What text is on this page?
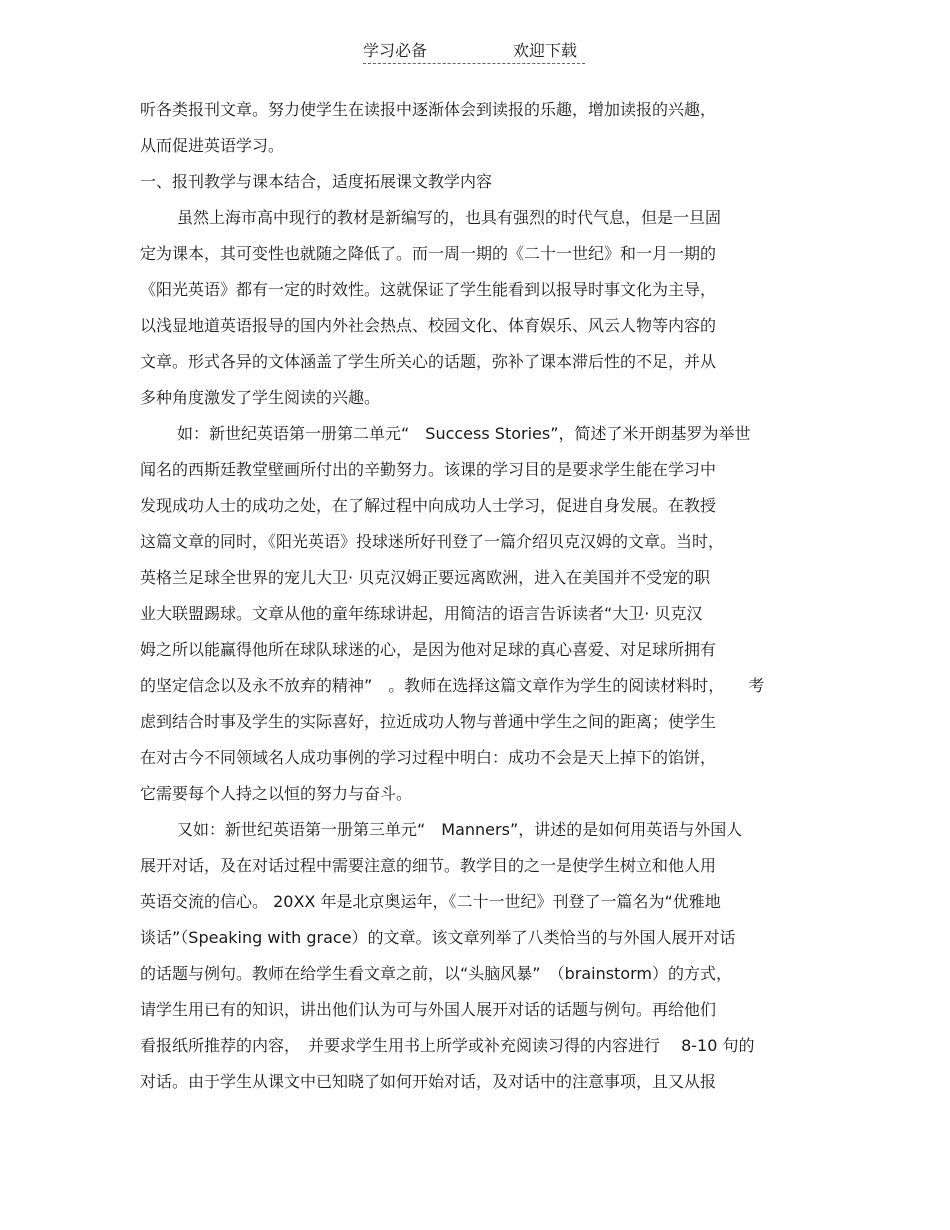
学习必备	欢迎下载
听各类报刊文章。努力使学生在读报中逐渐体会到读报的乐趣，增加读报的兴趣，
从而促进英语学习。
一、报刊教学与课本结合，适度拓展课文教学内容
虽然上海市高中现行的教材是新编写的，也具有强烈的时代气息，但是一旦固
定为课本，其可变性也就随之降低了。而一周一期的《二十一世纪》和一月一期的
《阳光英语》都有一定的时效性。这就保证了学生能看到以报导时事文化为主导，
以浅显地道英语报导的国内外社会热点、校园文化、体育娱乐、风云人物等内容的
文章。形式各异的文体涵盖了学生所关心的话题，弥补了课本滞后性的不足，并从
多种角度激发了学生阅读的兴趣。
如：新世纪英语第一册第二单元“　Success Stories”，简述了米开朗基罗为举世
闻名的西斯廷教堂壁画所付出的辛勤努力。该课的学习目的是要求学生能在学习中
发现成功人士的成功之处，在了解过程中向成功人士学习，促进自身发展。在教授
这篇文章的同时，《阳光英语》投球迷所好刊登了一篇介绍贝克汉姆的文章。当时，
英格兰足球全世界的宠儿大卫· 贝克汉姆正要远离欧洲，进入在美国并不受宠的职
业大联盟踢球。文章从他的童年练球讲起，用简洁的语言告诉读者“大卫· 贝克汉
姆之所以能赢得他所在球队球迷的心，是因为他对足球的真心喜爱、对足球所拥有
的坚定信念以及永不放弃的精神”　。教师在选择这篇文章作为学生的阅读材料时，　　考
虑到结合时事及学生的实际喜好，拉近成功人物与普通中学生之间的距离；使学生
在对古今不同领域名人成功事例的学习过程中明白：成功不会是天上掉下的馅饼，
它需要每个人持之以恒的努力与奋斗。
又如：新世纪英语第一册第三单元“　Manners”，讲述的是如何用英语与外国人
展开对话，及在对话过程中需要注意的细节。教学目的之一是使学生树立和他人用
英语交流的信心。 20XX 年是北京奥运年，《二十一世纪》刊登了一篇名为“优雅地
谈话”（Speaking with grace）的文章。该文章列举了八类恰当的与外国人展开对话
的话题与例句。教师在给学生看文章之前，以“头脑风暴”　（brainstorm）的方式，
请学生用已有的知识，讲出他们认为可与外国人展开对话的话题与例句。再给他们
看报纸所推荐的内容，　并要求学生用书上所学或补充阅读习得的内容进行　 8-10 句的
对话。由于学生从课文中已知晓了如何开始对话，及对话中的注意事项，且又从报
